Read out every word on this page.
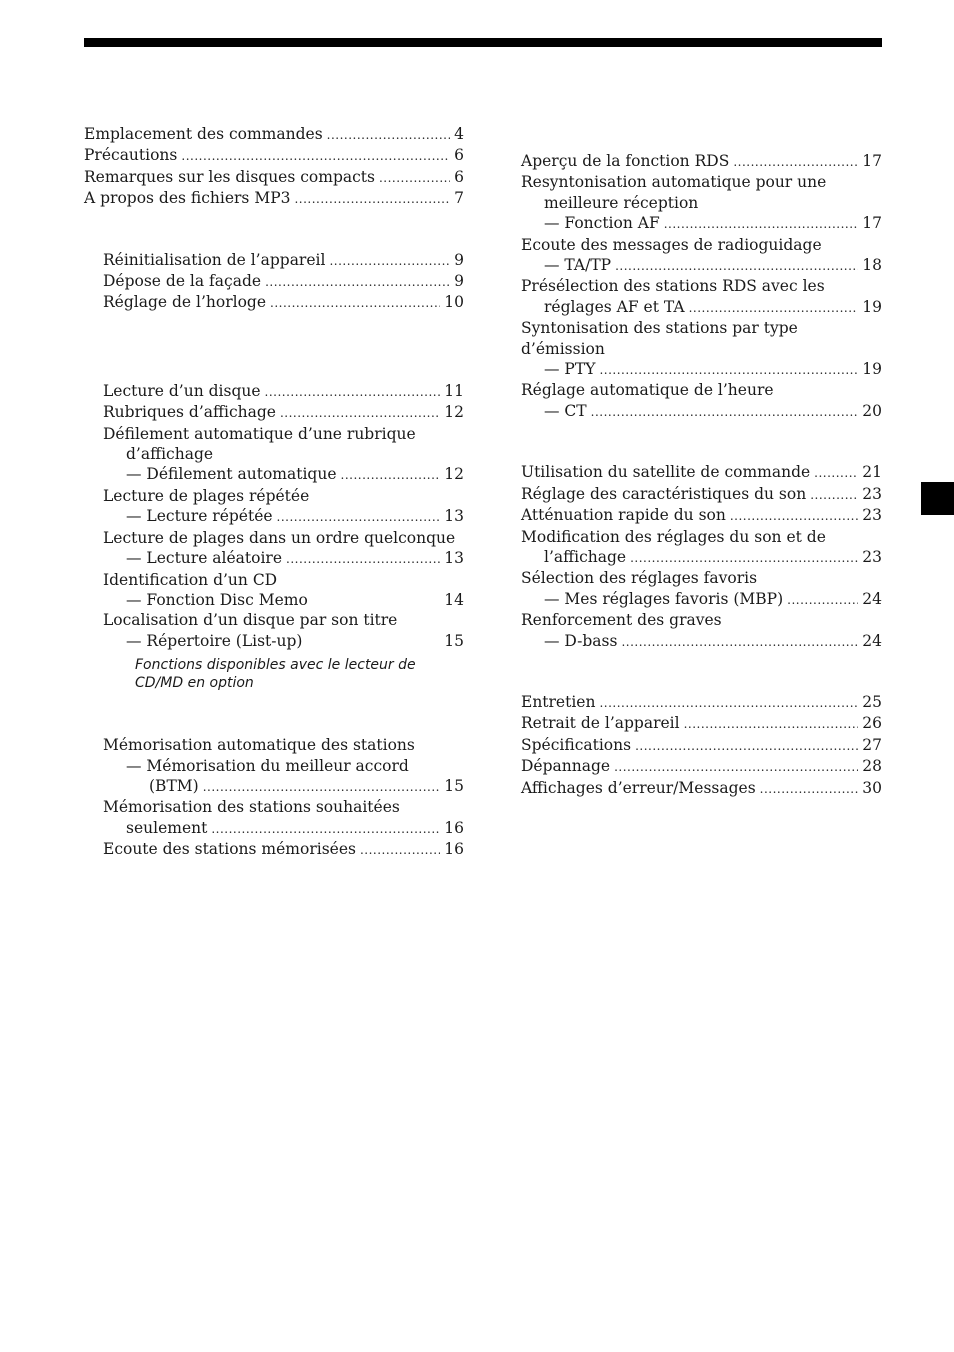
Emplacement des commandes .....	4
Précautions .....	6
Remarques sur les disques compacts .....	6
A propos des fichiers MP3 .....	7
Réinitialisation de l’appareil .....	9
Dépose de la façade .....	9
Réglage de l’horloge .....	10
Lecture d’un disque .....	11
Rubriques d’affichage .....	12
Défilement automatique d’une rubrique
d’affichage
— Défilement automatique .....	12
Lecture de plages répétée
— Lecture répétée .....	13
Lecture de plages dans un ordre quelconque
— Lecture aléatoire .....	13
Identification d’un CD
— Fonction Disc Memo	14
Localisation d’un disque par son titre
— Répertoire (List-up)	15
Fonctions disponibles avec le lecteur de
CD/MD en option
Mémorisation automatique des stations
— Mémorisation du meilleur accord
(BTM) .....	15
Mémorisation des stations souhaitées
seulement .....	16
Ecoute des stations mémorisées .....	16
Aperçu de la fonction RDS .....	17
Resyntonisation automatique pour une
meilleure réception
— Fonction AF .....	17
Ecoute des messages de radioguidage
— TA/TP .....	18
Présélection des stations RDS avec les
réglages AF et TA .....	19
Syntonisation des stations par type d’émission
— PTY .....	19
Réglage automatique de l’heure
— CT .....	20
Utilisation du satellite de commande .....	21
Réglage des caractéristiques du son .....	23
Atténuation rapide du son .....	23
Modification des réglages du son et de
l’affichage .....	23
Sélection des réglages favoris
— Mes réglages favoris (MBP) .....	24
Renforcement des graves
— D-bass .....	24
Entretien .....	25
Retrait de l’appareil .....	26
Spécifications .....	27
Dépannage .....	28
Affichages d’erreur/Messages .....	30
